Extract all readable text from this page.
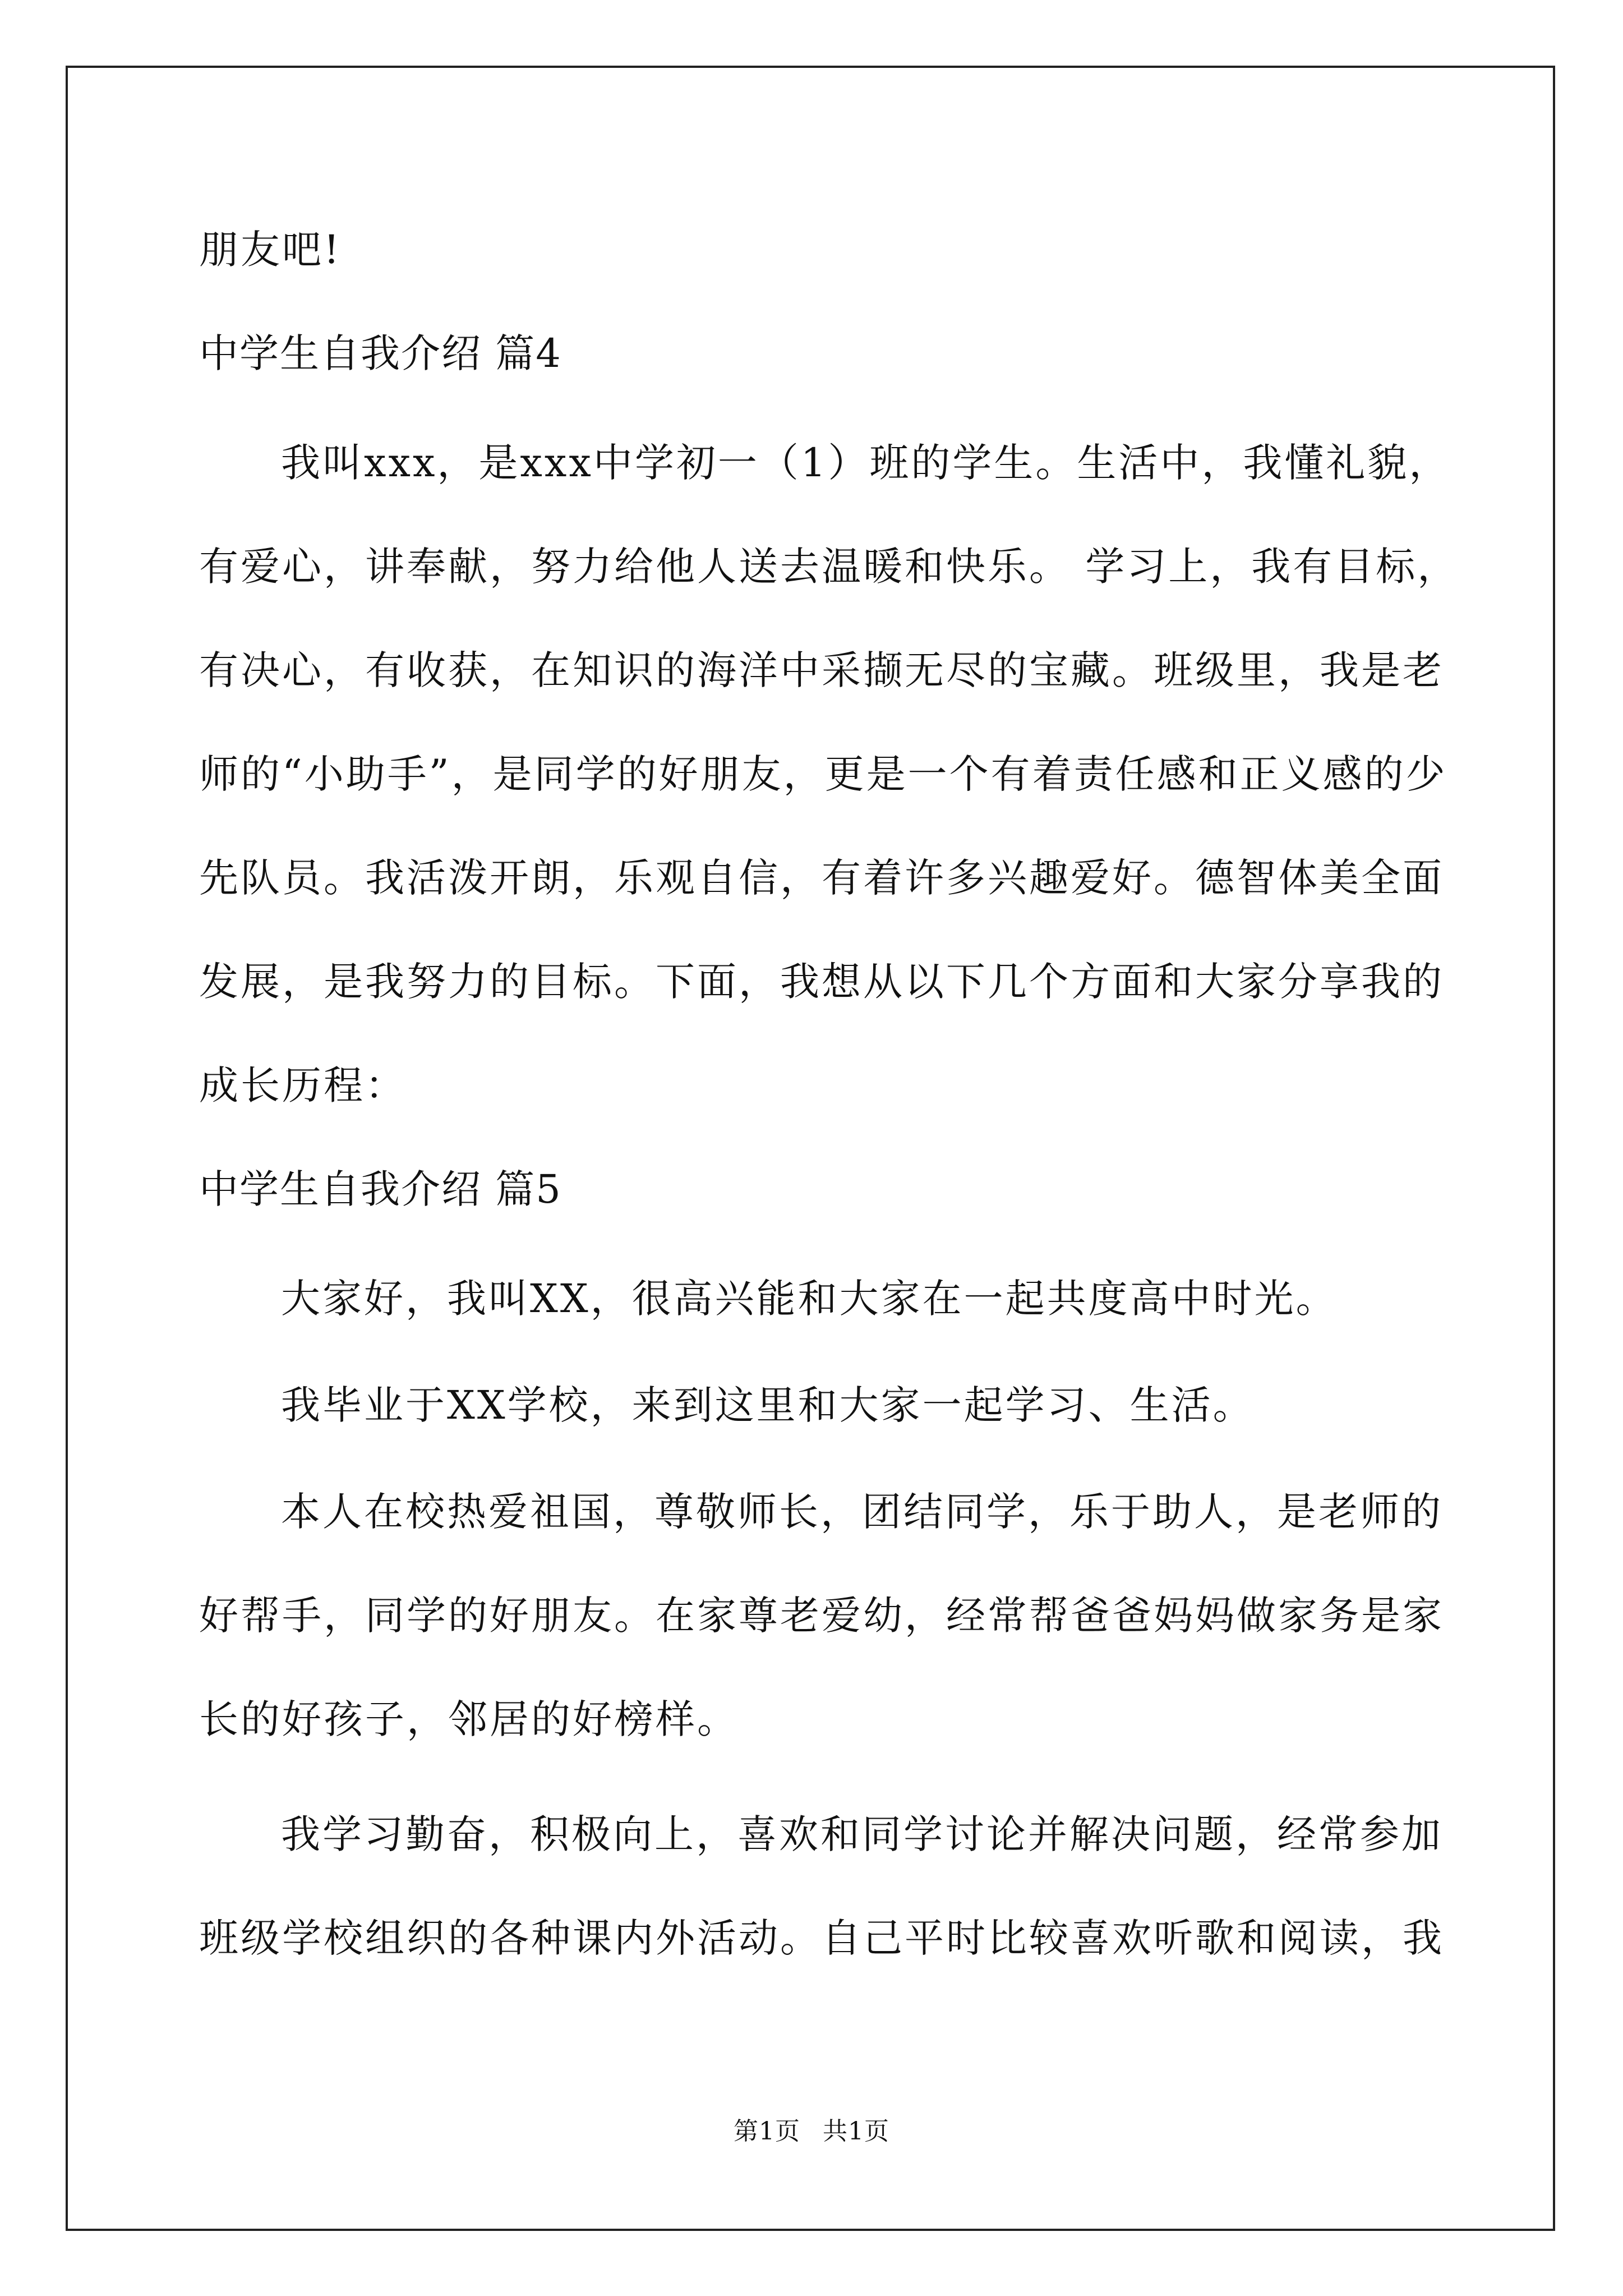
朋友吧!
中学生自我介绍 篇4
我叫xxx，是xxx中学初一（1）班的学生。生活中，我懂礼貌，
有爱心，讲奉献，努力给他人送去温暖和快乐。 学习上，我有目标，
有决心，有收获，在知识的海洋中采撷无尽的宝藏。班级里，我是老
师的“小助手”，是同学的好朋友，更是一个有着责任感和正义感的少
先队员。我活泼开朗，乐观自信，有着许多兴趣爱好。德智体美全面
发展，是我努力的目标。下面，我想从以下几个方面和大家分享我的
成长历程：
中学生自我介绍 篇5
大家好，我叫XX，很高兴能和大家在一起共度高中时光。
我毕业于XX学校，来到这里和大家一起学习、生活。
本人在校热爱祖国，尊敬师长，团结同学，乐于助人，是老师的
好帮手，同学的好朋友。在家尊老爱幼，经常帮爸爸妈妈做家务是家
长的好孩子，邻居的好榜样。
我学习勤奋，积极向上，喜欢和同学讨论并解决问题，经常参加
班级学校组织的各种课内外活动。自己平时比较喜欢听歌和阅读，我
第1页 共1页
